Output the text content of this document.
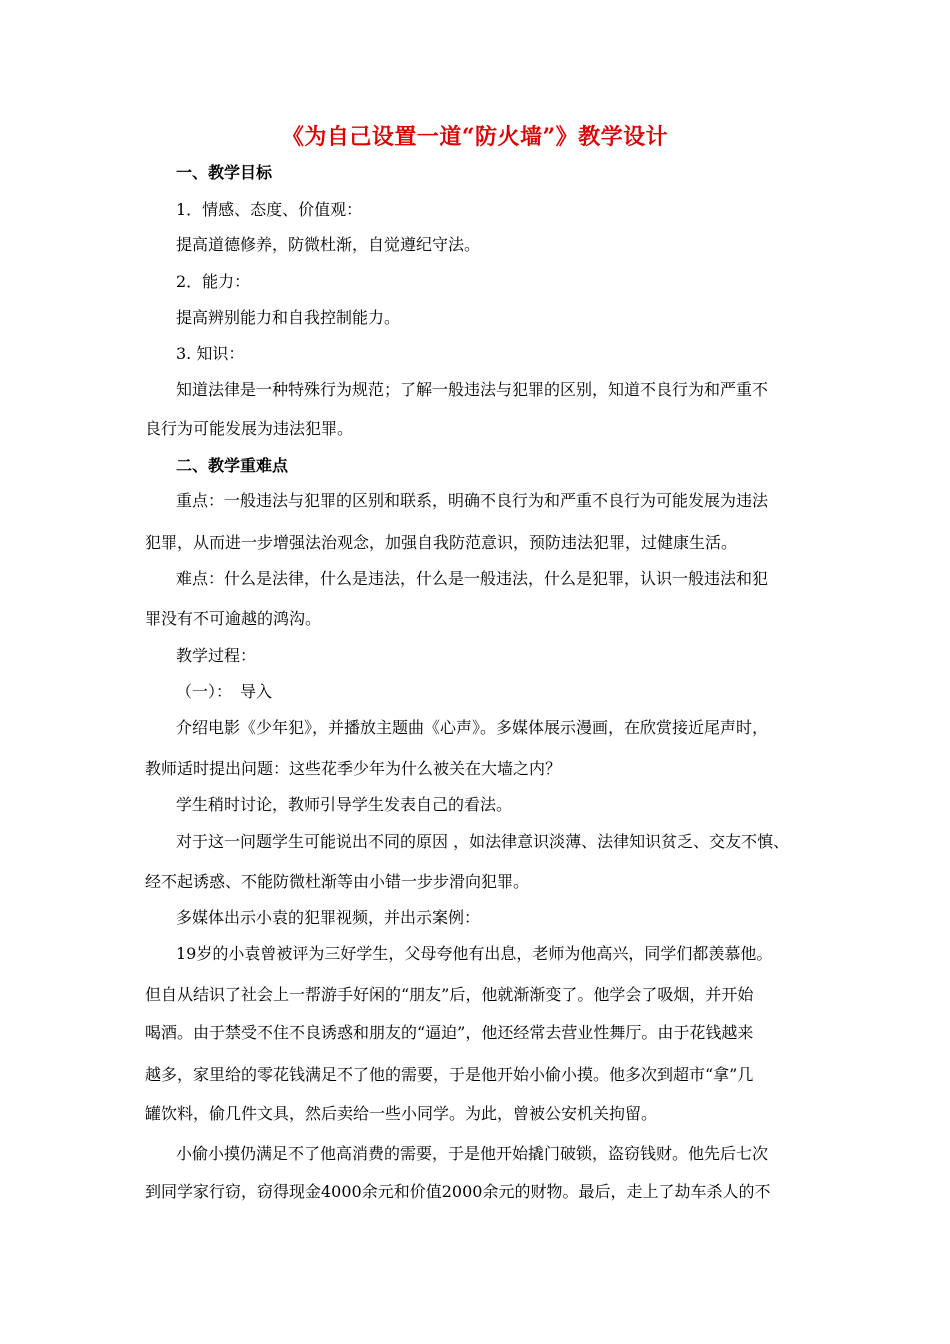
《为自己设置一道“防火墙”》教学设计
一、教学目标
1．情感、态度、价值观：
提高道德修养，防微杜渐，自觉遵纪守法。
2．能力：
提高辨别能力和自我控制能力。
3. 知识：
知道法律是一种特殊行为规范；了解一般违法与犯罪的区别，知道不良行为和严重不
良行为可能发展为违法犯罪。
二、教学重难点
重点：一般违法与犯罪的区别和联系，明确不良行为和严重不良行为可能发展为违法
犯罪，从而进一步增强法治观念，加强自我防范意识，预防违法犯罪，过健康生活。
难点：什么是法律，什么是违法，什么是一般违法，什么是犯罪，认识一般违法和犯
罪没有不可逾越的鸿沟。
教学过程：
（一）：　导入
介绍电影《少年犯》，并播放主题曲《心声》。多媒体展示漫画，在欣赏接近尾声时，
教师适时提出问题：这些花季少年为什么被关在大墙之内？
学生稍时讨论，教师引导学生发表自己的看法。
对于这一问题学生可能说出不同的原因 ，如法律意识淡薄、法律知识贫乏、交友不慎、
经不起诱惑、不能防微杜渐等由小错一步步滑向犯罪。
多媒体出示小袁的犯罪视频，并出示案例：
19岁的小袁曾被评为三好学生，父母夸他有出息，老师为他高兴，同学们都羡慕他。
但自从结识了社会上一帮游手好闲的“朋友”后，他就渐渐变了。他学会了吸烟，并开始
喝酒。由于禁受不住不良诱惑和朋友的“逼迫”，他还经常去营业性舞厅。由于花钱越来
越多，家里给的零花钱满足不了他的需要，于是他开始小偷小摸。他多次到超市“拿”几
罐饮料，偷几件文具，然后卖给一些小同学。为此，曾被公安机关拘留。
小偷小摸仍满足不了他高消费的需要，于是他开始撬门破锁，盗窃钱财。他先后七次
到同学家行窃，窃得现金4000余元和价值2000余元的财物。最后，走上了劫车杀人的不
